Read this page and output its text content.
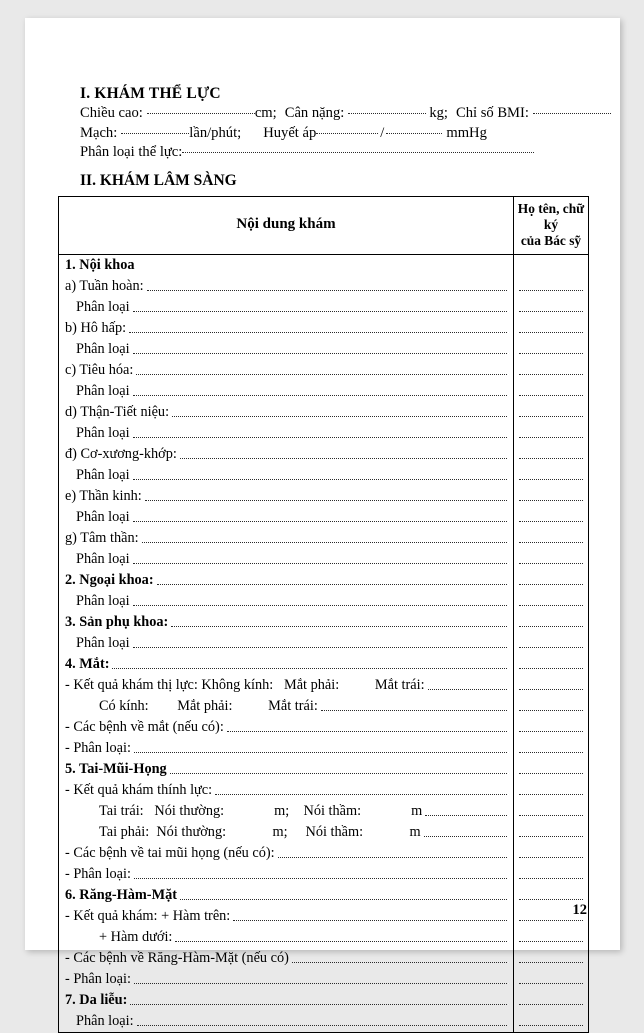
I. KHÁM THỂ LỰC
Chiều cao:	cm; Cân nặng:	kg; Chỉ số BMI:
Mạch:	lần/phút; Huyết áp	/	mmHg
Phân loại thể lực:
II. KHÁM LÂM SÀNG
Nội dung khám	Họ tên, chữ ký
của Bác sỹ

1. Nội khoa
a) Tuần hoàn:
Phân loại
b) Hô hấp:
Phân loại
c) Tiêu hóa:
Phân loại
d) Thận-Tiết niệu:
Phân loại
đ) Cơ-xương-khớp:
Phân loại
e) Thần kinh:
Phân loại
g) Tâm thần:
Phân loại
2. Ngoại khoa:
Phân loại
3. Sản phụ khoa:
Phân loại
4. Mắt:
- Kết quả khám thị lực: Không kính:   Mắt phải:          Mắt trái:
Có kính:        Mắt phải:          Mắt trái:
- Các bệnh về mắt (nếu có):
- Phân loại:
5. Tai-Mũi-Họng
- Kết quả khám thính lực:
Tai trái:   Nói thường:              m;    Nói thầm:              m
Tai phải:  Nói thường:             m;     Nói thầm:             m
- Các bệnh về tai mũi họng (nếu có):
- Phân loại:
6. Răng-Hàm-Mặt
- Kết quả khám: + Hàm trên:
+ Hàm dưới:
- Các bệnh về Răng-Hàm-Mặt (nếu có)
- Phân loại:
7. Da liễu:
Phân loại:

12
